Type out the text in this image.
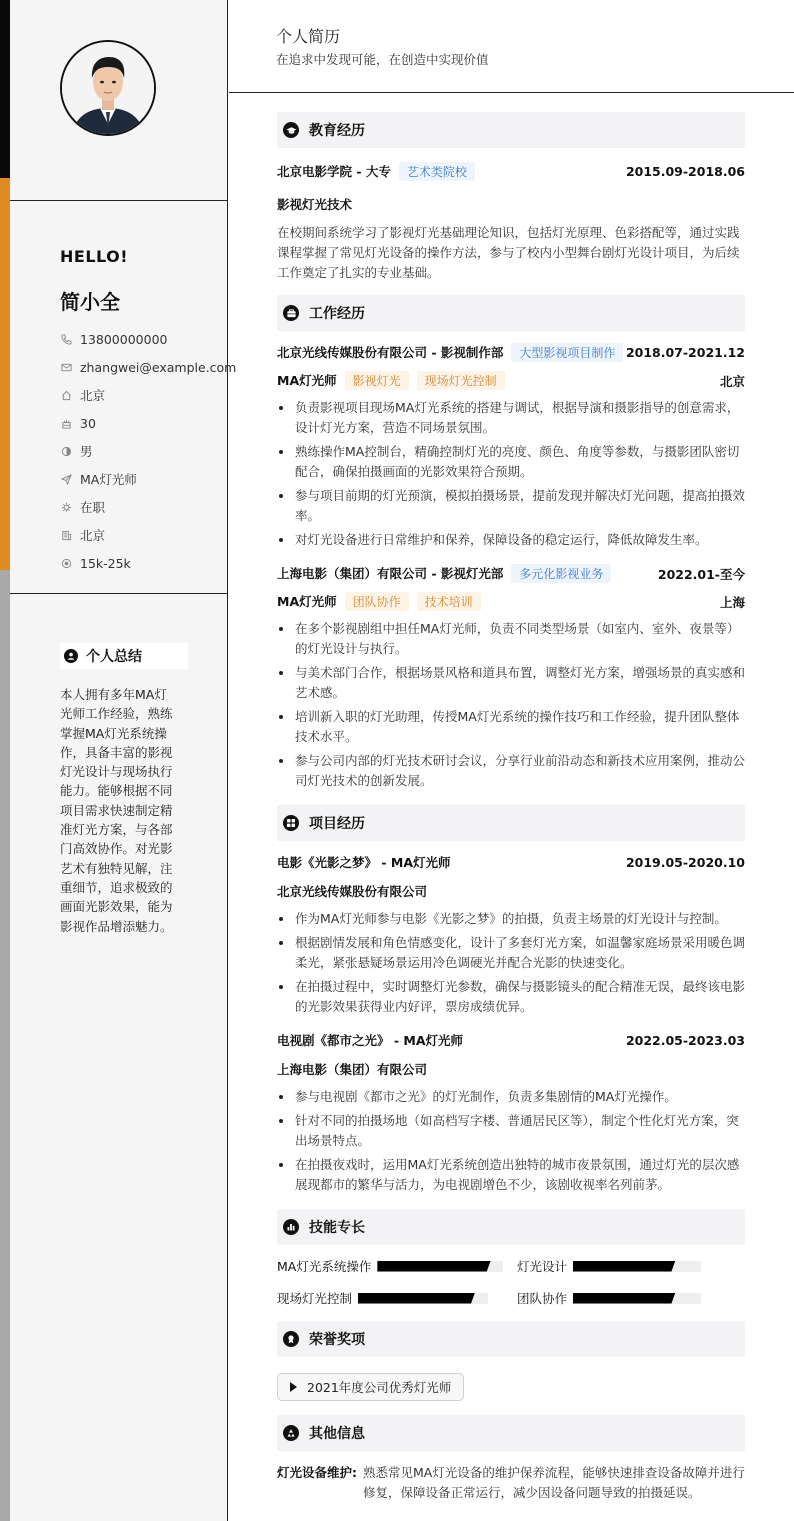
HELLO!
简小全
13800000000
zhangwei@example.com
北京
30
男
MA灯光师
在职
北京
15k-25k
个人总结
本人拥有多年MA灯光师工作经验，熟练掌握MA灯光系统操作，具备丰富的影视灯光设计与现场执行能力。能够根据不同项目需求快速制定精准灯光方案，与各部门高效协作。对光影艺术有独特见解，注重细节，追求极致的画面光影效果，能为影视作品增添魅力。
个人简历
在追求中发现可能，在创造中实现价值
教育经历
北京电影学院 - 大专 艺术类院校	2015.09-2018.06
影视灯光技术
在校期间系统学习了影视灯光基础理论知识，包括灯光原理、色彩搭配等，通过实践课程掌握了常见灯光设备的操作方法，参与了校内小型舞台剧灯光设计项目，为后续工作奠定了扎实的专业基础。
工作经历
北京光线传媒股份有限公司 - 影视制作部 大型影视项目制作 2018.07-2021.12
MA灯光师 影视灯光 现场灯光控制	北京
负责影视项目现场MA灯光系统的搭建与调试，根据导演和摄影指导的创意需求，设计灯光方案，营造不同场景氛围。
熟练操作MA控制台，精确控制灯光的亮度、颜色、角度等参数，与摄影团队密切配合，确保拍摄画面的光影效果符合预期。
参与项目前期的灯光预演，模拟拍摄场景，提前发现并解决灯光问题，提高拍摄效率。
对灯光设备进行日常维护和保养，保障设备的稳定运行，降低故障发生率。
上海电影（集团）有限公司 - 影视灯光部 多元化影视业务	2022.01-至今
MA灯光师 团队协作 技术培训	上海
在多个影视剧组中担任MA灯光师，负责不同类型场景（如室内、室外、夜景等）的灯光设计与执行。
与美术部门合作，根据场景风格和道具布置，调整灯光方案，增强场景的真实感和艺术感。
培训新入职的灯光助理，传授MA灯光系统的操作技巧和工作经验，提升团队整体技术水平。
参与公司内部的灯光技术研讨会议，分享行业前沿动态和新技术应用案例，推动公司灯光技术的创新发展。
项目经历
电影《光影之梦》 - MA灯光师	2019.05-2020.10
北京光线传媒股份有限公司
作为MA灯光师参与电影《光影之梦》的拍摄，负责主场景的灯光设计与控制。
根据剧情发展和角色情感变化，设计了多套灯光方案，如温馨家庭场景采用暖色调柔光，紧张悬疑场景运用冷色调硬光并配合光影的快速变化。
在拍摄过程中，实时调整灯光参数，确保与摄影镜头的配合精准无误，最终该电影的光影效果获得业内好评，票房成绩优异。
电视剧《都市之光》 - MA灯光师	2022.05-2023.03
上海电影（集团）有限公司
参与电视剧《都市之光》的灯光制作，负责多集剧情的MA灯光操作。
针对不同的拍摄场地（如高档写字楼、普通居民区等），制定个性化灯光方案，突出场景特点。
在拍摄夜戏时，运用MA灯光系统创造出独特的城市夜景氛围，通过灯光的层次感展现都市的繁华与活力，为电视剧增色不少，该剧收视率名列前茅。
技能专长
MA灯光系统操作	灯光设计
现场灯光控制	团队协作
荣誉奖项
2021年度公司优秀灯光师
其他信息
灯光设备维护: 熟悉常见MA灯光设备的维护保养流程，能够快速排查设备故障并进行修复，保障设备正常运行，减少因设备问题导致的拍摄延误。
